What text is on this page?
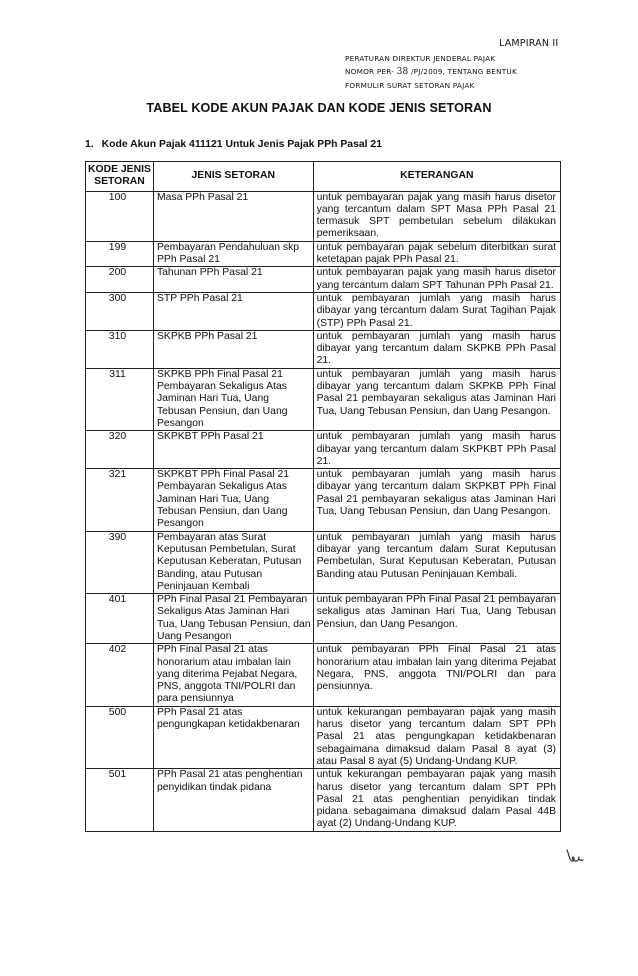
LAMPIRAN II
PERATURAN DIREKTUR JENDERAL PAJAK
NOMOR PER- 38 /PJ/2009, TENTANG BENTUK
FORMULIR SURAT SETORAN PAJAK
TABEL KODE AKUN PAJAK DAN KODE JENIS SETORAN
1. Kode Akun Pajak 411121 Untuk Jenis Pajak PPh Pasal 21
KODE JENIS SETORAN	JENIS SETORAN	KETERANGAN
100	Masa PPh Pasal 21	untuk pembayaran pajak yang masih harus disetor yang tercantum dalam SPT Masa PPh Pasal 21 termasuk SPT pembetulan sebelum dilakukan pemeriksaan.
199	Pembayaran Pendahuluan skp PPh Pasal 21	untuk pembayaran pajak sebelum diterbitkan surat ketetapan pajak PPh Pasal 21.
200	Tahunan PPh Pasal 21	untuk pembayaran pajak yang masih harus disetor yang tercantum dalam SPT Tahunan PPh Pasal 21.
300	STP PPh Pasal 21	untuk pembayaran jumlah yang masih harus dibayar yang tercantum dalam Surat Tagihan Pajak (STP) PPh Pasal 21.
310	SKPKB PPh Pasal 21	untuk pembayaran jumlah yang masih harus dibayar yang tercantum dalam SKPKB PPh Pasal 21.
311	SKPKB PPh Final Pasal 21 Pembayaran Sekaligus Atas Jaminan Hari Tua, Uang Tebusan Pensiun, dan Uang Pesangon	untuk pembayaran jumlah yang masih harus dibayar yang tercantum dalam SKPKB PPh Final Pasal 21 pembayaran sekaligus atas Jaminan Hari Tua, Uang Tebusan Pensiun, dan Uang Pesangon.
320	SKPKBT PPh Pasal 21	untuk pembayaran jumlah yang masih harus dibayar yang tercantum dalam SKPKBT PPh Pasal 21.
321	SKPKBT PPh Final Pasal 21 Pembayaran Sekaligus Atas Jaminan Hari Tua, Uang Tebusan Pensiun, dan Uang Pesangon	untuk pembayaran jumlah yang masih harus dibayar yang tercantum dalam SKPKBT PPh Final Pasal 21 pembayaran sekaligus atas Jaminan Hari Tua, Uang Tebusan Pensiun, dan Uang Pesangon.
390	Pembayaran atas Surat Keputusan Pembetulan, Surat Keputusan Keberatan, Putusan Banding, atau Putusan Peninjauan Kembali	untuk pembayaran jumlah yang masih harus dibayar yang tercantum dalam Surat Keputusan Pembetulan, Surat Keputusan Keberatan, Putusan Banding atau Putusan Peninjauan Kembali.
401	PPh Final Pasal 21 Pembayaran Sekaligus Atas Jaminan Hari Tua, Uang Tebusan Pensiun, dan Uang Pesangon	untuk pembayaran PPh Final Pasal 21 pembayaran sekaligus atas Jaminan Hari Tua, Uang Tebusan Pensiun, dan Uang Pesangon.
402	PPh Final Pasal 21 atas honorarium atau imbalan lain yang diterima Pejabat Negara, PNS, anggota TNI/POLRI dan para pensiunnya	untuk pembayaran PPh Final Pasal 21 atas honorarium atau imbalan lain yang diterima Pejabat Negara, PNS, anggota TNI/POLRI dan para pensiunnya.
500	PPh Pasal 21 atas pengungkapan ketidakbenaran	untuk kekurangan pembayaran pajak yang masih harus disetor yang tercantum dalam SPT PPh Pasal 21 atas pengungkapan ketidakbenaran sebagaimana dimaksud dalam Pasal 8 ayat (3) atau Pasal 8 ayat (5) Undang-Undang KUP.
501	PPh Pasal 21 atas penghentian penyidikan tindak pidana	untuk kekurangan pembayaran pajak yang masih harus disetor yang tercantum dalam SPT PPh Pasal 21 atas penghentian penyidikan tindak pidana sebagaimana dimaksud dalam Pasal 44B ayat (2) Undang-Undang KUP.
